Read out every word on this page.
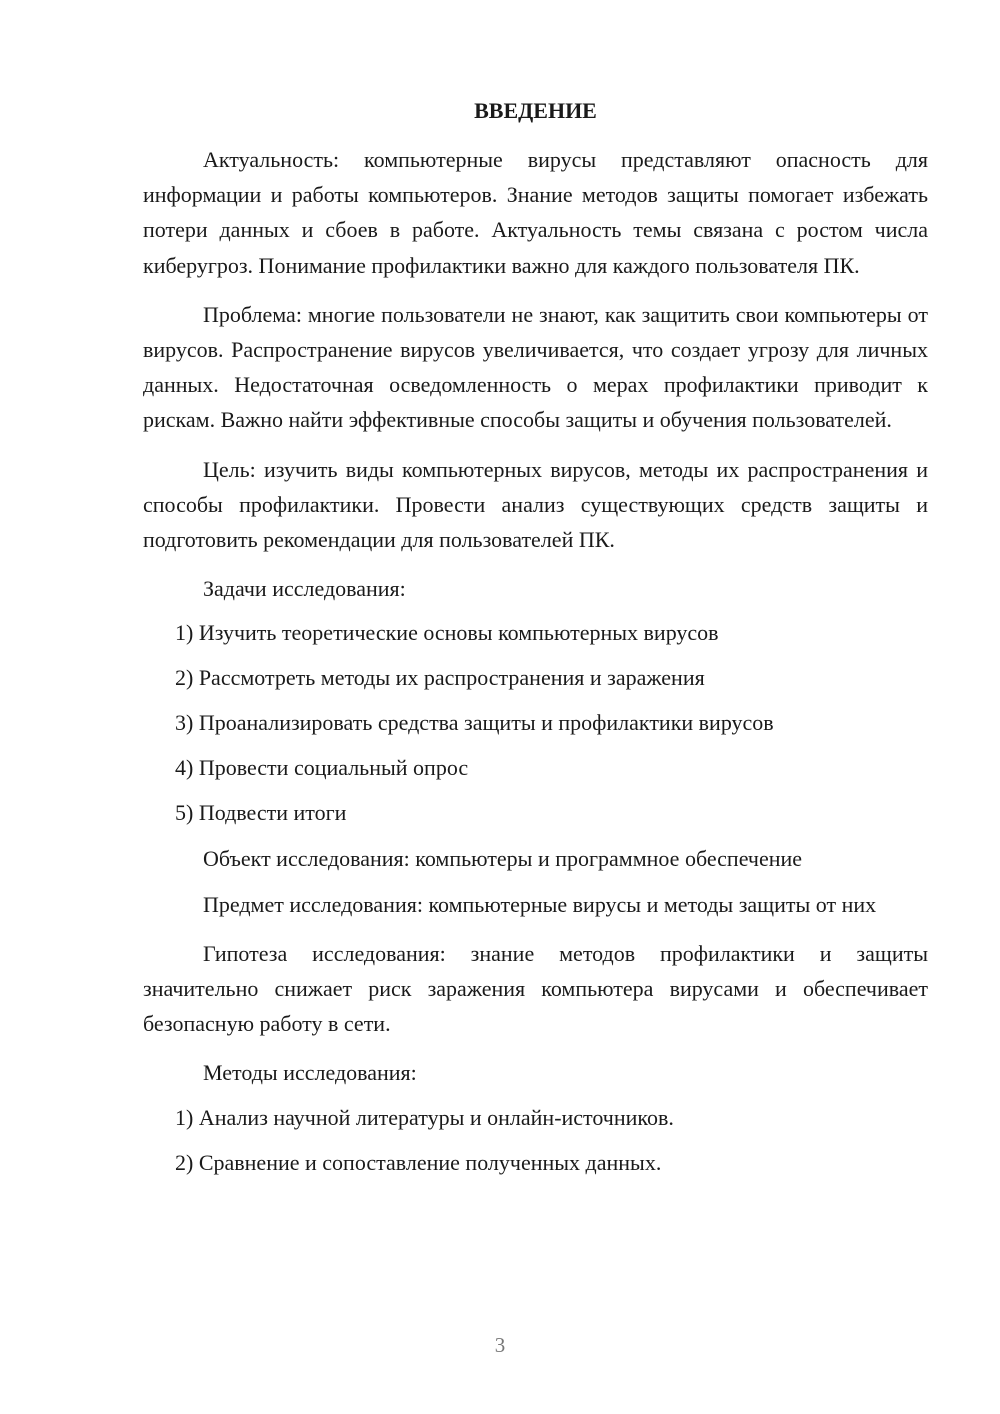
ВВЕДЕНИЕ

Актуальность: компьютерные вирусы представляют опасность для информации и работы компьютеров. Знание методов защиты помогает избежать потери данных и сбоев в работе. Актуальность темы связана с ростом числа киберугроз. Понимание профилактики важно для каждого пользователя ПК.

Проблема: многие пользователи не знают, как защитить свои компьютеры от вирусов. Распространение вирусов увеличивается, что создает угрозу для личных данных. Недостаточная осведомленность о мерах профилактики приводит к рискам. Важно найти эффективные способы защиты и обучения пользователей.

Цель: изучить виды компьютерных вирусов, методы их распространения и способы профилактики. Провести анализ существующих средств защиты и подготовить рекомендации для пользователей ПК.

Задачи исследования:

1) Изучить теоретические основы компьютерных вирусов
2) Рассмотреть методы их распространения и заражения
3) Проанализировать средства защиты и профилактики вирусов
4) Провести социальный опрос
5) Подвести итоги

Объект исследования: компьютеры и программное обеспечение

Предмет исследования: компьютерные вирусы и методы защиты от них

Гипотеза исследования: знание методов профилактики и защиты значительно снижает риск заражения компьютера вирусами и обеспечивает безопасную работу в сети.

Методы исследования:

1) Анализ научной литературы и онлайн-источников.
2) Сравнение и сопоставление полученных данных.
3
